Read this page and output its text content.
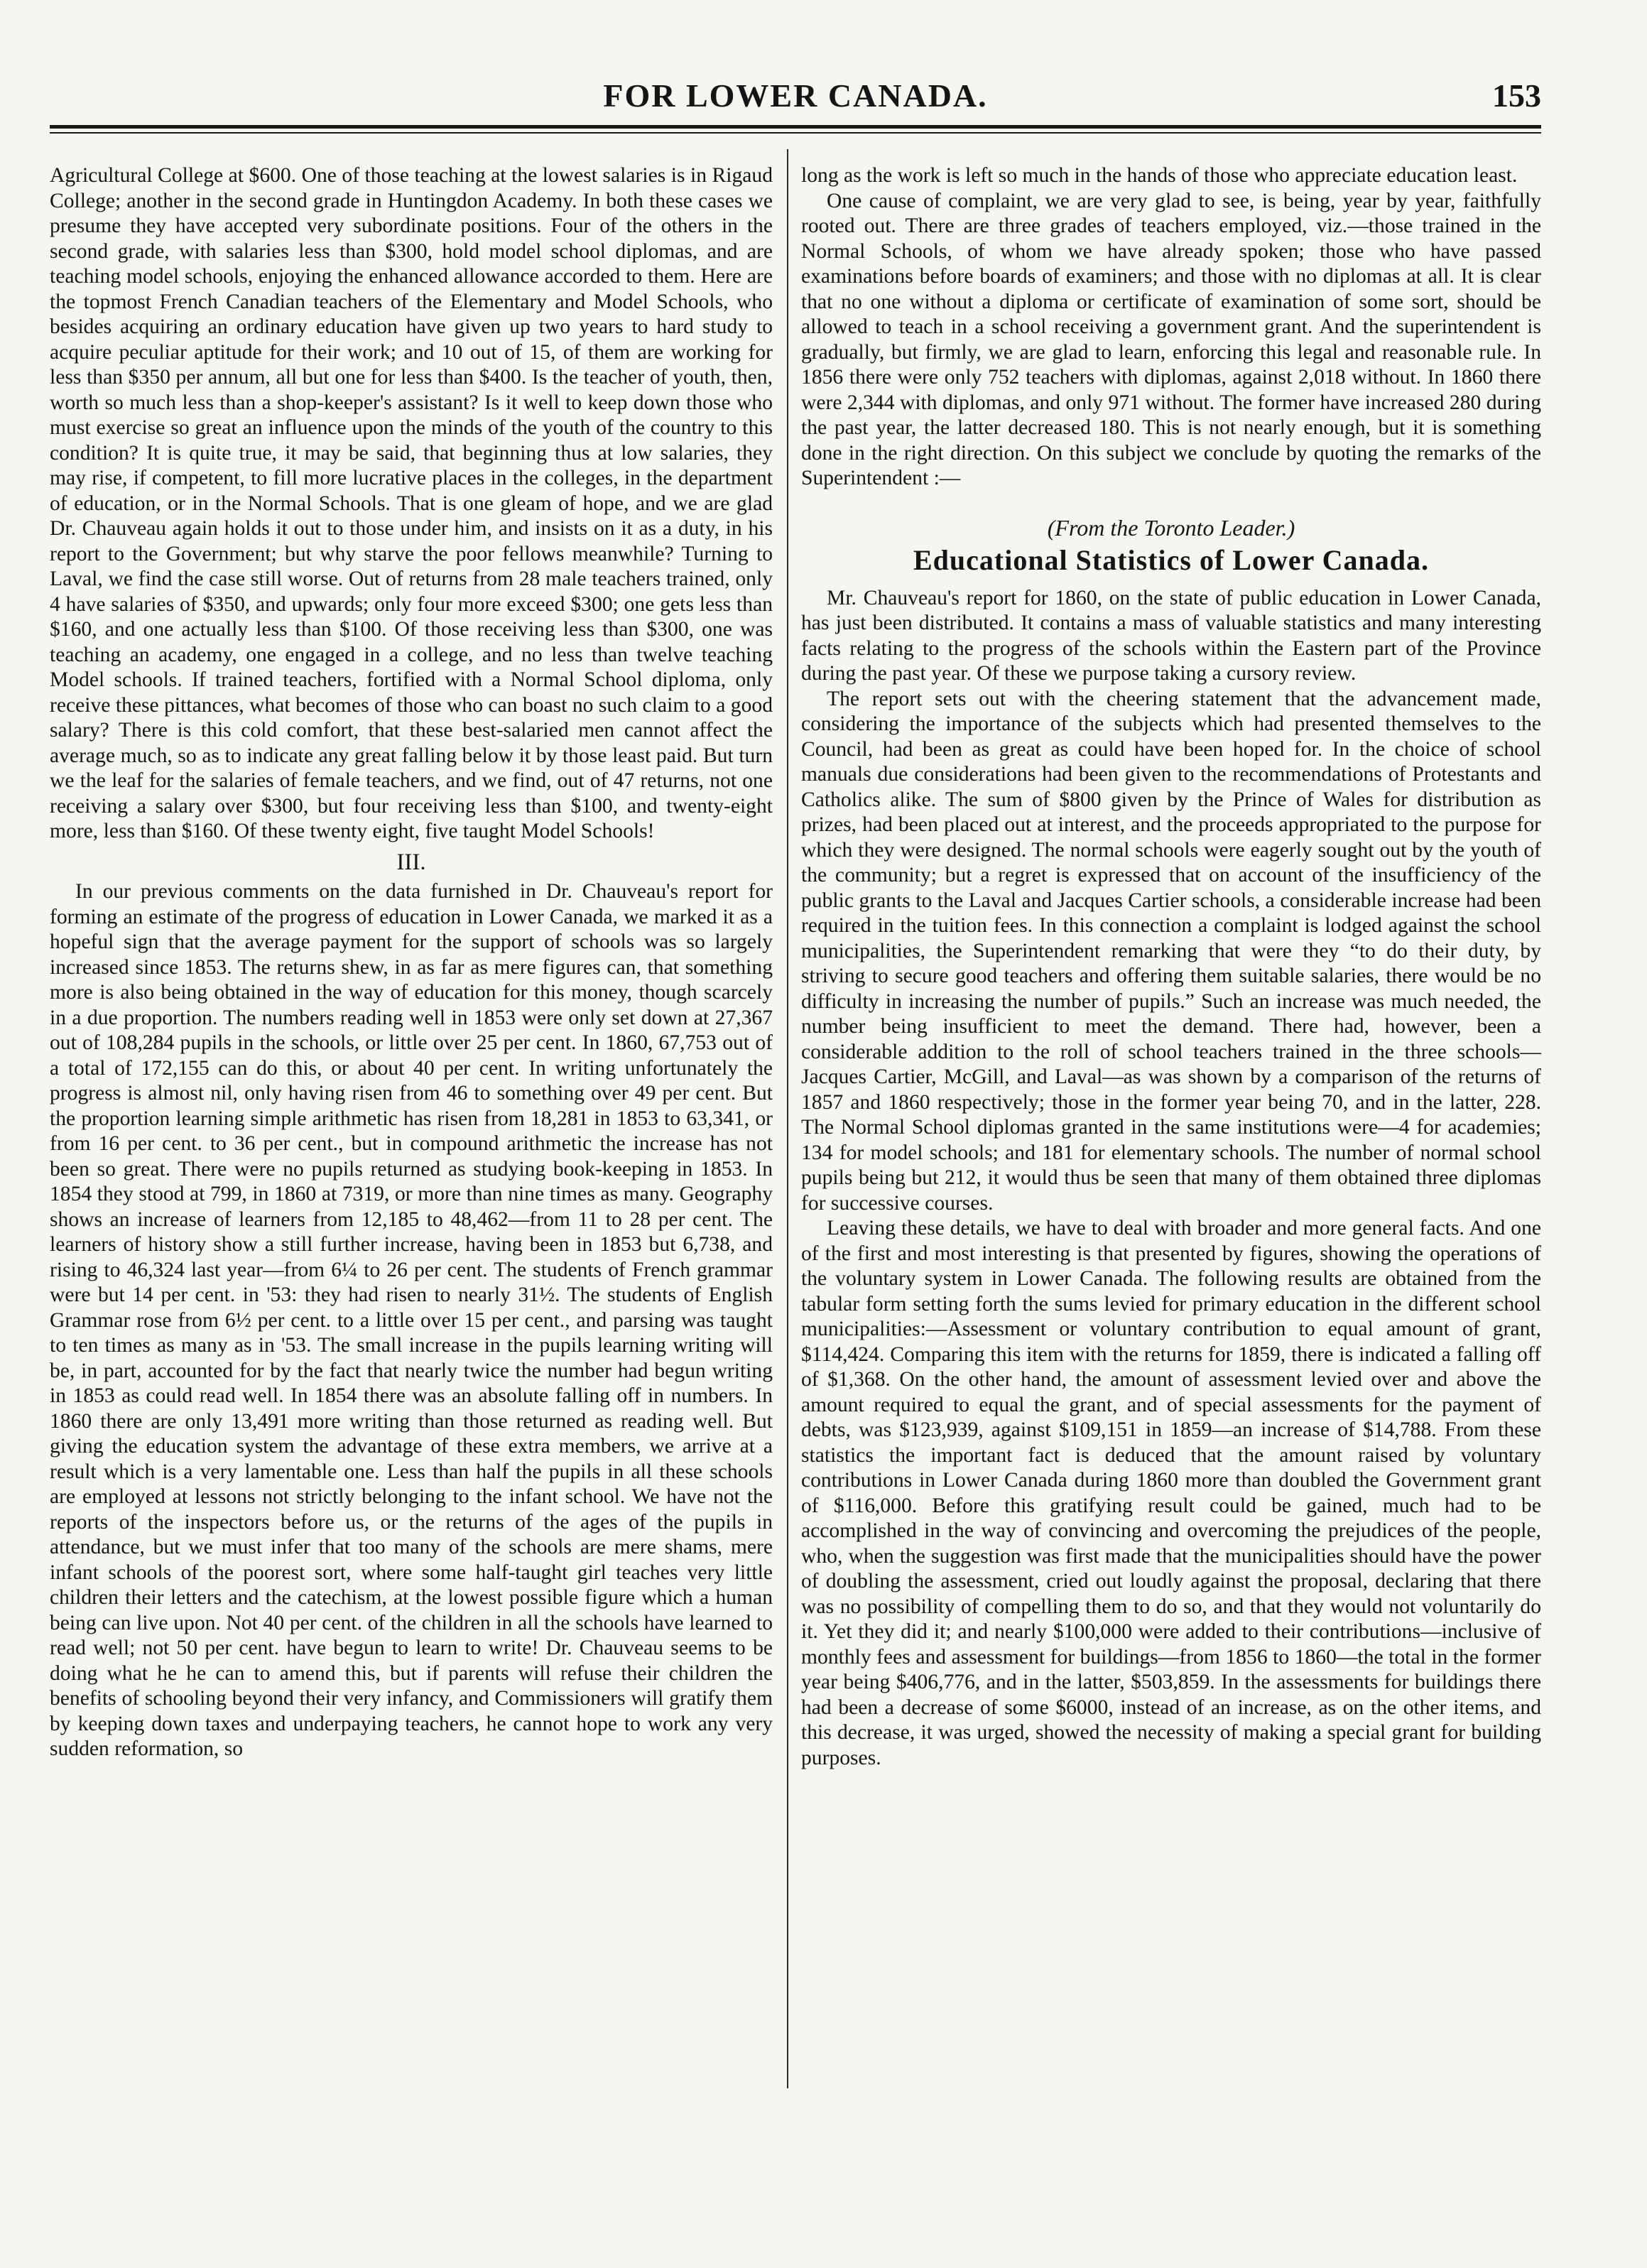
FOR LOWER CANADA.	153

Agricultural College at $600. One of those teaching at the lowest salaries is in Rigaud College; another in the second grade in Huntingdon Academy. In both these cases we presume they have accepted very subordinate positions. Four of the others in the second grade, with salaries less than $300, hold model school diplomas, and are teaching model schools, enjoying the enhanced allowance accorded to them. Here are the topmost French Canadian teachers of the Elementary and Model Schools, who besides acquiring an ordinary education have given up two years to hard study to acquire peculiar aptitude for their work; and 10 out of 15, of them are working for less than $350 per annum, all but one for less than $400. Is the teacher of youth, then, worth so much less than a shop-keeper's assistant? Is it well to keep down those who must exercise so great an influence upon the minds of the youth of the country to this condition? It is quite true, it may be said, that beginning thus at low salaries, they may rise, if competent, to fill more lucrative places in the colleges, in the department of education, or in the Normal Schools. That is one gleam of hope, and we are glad Dr. Chauveau again holds it out to those under him, and insists on it as a duty, in his report to the Government; but why starve the poor fellows meanwhile? Turning to Laval, we find the case still worse. Out of returns from 28 male teachers trained, only 4 have salaries of $350, and upwards; only four more exceed $300; one gets less than $160, and one actually less than $100. Of those receiving less than $300, one was teaching an academy, one engaged in a college, and no less than twelve teaching Model schools. If trained teachers, fortified with a Normal School diploma, only receive these pittances, what becomes of those who can boast no such claim to a good salary? There is this cold comfort, that these best-salaried men cannot affect the average much, so as to indicate any great falling below it by those least paid. But turn we the leaf for the salaries of female teachers, and we find, out of 47 returns, not one receiving a salary over $300, but four receiving less than $100, and twenty-eight more, less than $160. Of these twenty eight, five taught Model Schools!

III.

In our previous comments on the data furnished in Dr. Chauveau's report for forming an estimate of the progress of education in Lower Canada, we marked it as a hopeful sign that the average payment for the support of schools was so largely increased since 1853. The returns shew, in as far as mere figures can, that something more is also being obtained in the way of education for this money, though scarcely in a due proportion. The numbers reading well in 1853 were only set down at 27,367 out of 108,284 pupils in the schools, or little over 25 per cent. In 1860, 67,753 out of a total of 172,155 can do this, or about 40 per cent. In writing unfortunately the progress is almost nil, only having risen from 46 to something over 49 per cent. But the proportion learning simple arithmetic has risen from 18,281 in 1853 to 63,341, or from 16 per cent. to 36 per cent., but in compound arithmetic the increase has not been so great. There were no pupils returned as studying book-keeping in 1853. In 1854 they stood at 799, in 1860 at 7319, or more than nine times as many. Geography shows an increase of learners from 12,185 to 48,462—from 11 to 28 per cent. The learners of history show a still further increase, having been in 1853 but 6,738, and rising to 46,324 last year—from 6¼ to 26 per cent. The students of French grammar were but 14 per cent. in '53: they had risen to nearly 31½. The students of English Grammar rose from 6½ per cent. to a little over 15 per cent., and parsing was taught to ten times as many as in '53. The small increase in the pupils learning writing will be, in part, accounted for by the fact that nearly twice the number had begun writing in 1853 as could read well. In 1854 there was an absolute falling off in numbers. In 1860 there are only 13,491 more writing than those returned as reading well. But giving the education system the advantage of these extra members, we arrive at a result which is a very lamentable one. Less than half the pupils in all these schools are employed at lessons not strictly belonging to the infant school. We have not the reports of the inspectors before us, or the returns of the ages of the pupils in attendance, but we must infer that too many of the schools are mere shams, mere infant schools of the poorest sort, where some half-taught girl teaches very little children their letters and the catechism, at the lowest possible figure which a human being can live upon. Not 40 per cent. of the children in all the schools have learned to read well; not 50 per cent. have begun to learn to write! Dr. Chauveau seems to be doing what he he can to amend this, but if parents will refuse their children the benefits of schooling beyond their very infancy, and Commissioners will gratify them by keeping down taxes and underpaying teachers, he cannot hope to work any very sudden reformation, so

long as the work is left so much in the hands of those who appreciate education least.

One cause of complaint, we are very glad to see, is being, year by year, faithfully rooted out. There are three grades of teachers employed, viz.—those trained in the Normal Schools, of whom we have already spoken; those who have passed examinations before boards of examiners; and those with no diplomas at all. It is clear that no one without a diploma or certificate of examination of some sort, should be allowed to teach in a school receiving a government grant. And the superintendent is gradually, but firmly, we are glad to learn, enforcing this legal and reasonable rule. In 1856 there were only 752 teachers with diplomas, against 2,018 without. In 1860 there were 2,344 with diplomas, and only 971 without. The former have increased 280 during the past year, the latter decreased 180. This is not nearly enough, but it is something done in the right direction. On this subject we conclude by quoting the remarks of the Superintendent :—

(From the Toronto Leader.)
Educational Statistics of Lower Canada.

Mr. Chauveau's report for 1860, on the state of public education in Lower Canada, has just been distributed. It contains a mass of valuable statistics and many interesting facts relating to the progress of the schools within the Eastern part of the Province during the past year. Of these we purpose taking a cursory review.

The report sets out with the cheering statement that the advancement made, considering the importance of the subjects which had presented themselves to the Council, had been as great as could have been hoped for. In the choice of school manuals due considerations had been given to the recommendations of Protestants and Catholics alike. The sum of $800 given by the Prince of Wales for distribution as prizes, had been placed out at interest, and the proceeds appropriated to the purpose for which they were designed. The normal schools were eagerly sought out by the youth of the community; but a regret is expressed that on account of the insufficiency of the public grants to the Laval and Jacques Cartier schools, a considerable increase had been required in the tuition fees. In this connection a complaint is lodged against the school municipalities, the Superintendent remarking that were they “to do their duty, by striving to secure good teachers and offering them suitable salaries, there would be no difficulty in increasing the number of pupils.” Such an increase was much needed, the number being insufficient to meet the demand. There had, however, been a considerable addition to the roll of school teachers trained in the three schools—Jacques Cartier, McGill, and Laval—as was shown by a comparison of the returns of 1857 and 1860 respectively; those in the former year being 70, and in the latter, 228. The Normal School diplomas granted in the same institutions were—4 for academies; 134 for model schools; and 181 for elementary schools. The number of normal school pupils being but 212, it would thus be seen that many of them obtained three diplomas for successive courses.

Leaving these details, we have to deal with broader and more general facts. And one of the first and most interesting is that presented by figures, showing the operations of the voluntary system in Lower Canada. The following results are obtained from the tabular form setting forth the sums levied for primary education in the different school municipalities:—Assessment or voluntary contribution to equal amount of grant, $114,424. Comparing this item with the returns for 1859, there is indicated a falling off of $1,368. On the other hand, the amount of assessment levied over and above the amount required to equal the grant, and of special assessments for the payment of debts, was $123,939, against $109,151 in 1859—an increase of $14,788. From these statistics the important fact is deduced that the amount raised by voluntary contributions in Lower Canada during 1860 more than doubled the Government grant of $116,000. Before this gratifying result could be gained, much had to be accomplished in the way of convincing and overcoming the prejudices of the people, who, when the suggestion was first made that the municipalities should have the power of doubling the assessment, cried out loudly against the proposal, declaring that there was no possibility of compelling them to do so, and that they would not voluntarily do it. Yet they did it; and nearly $100,000 were added to their contributions—inclusive of monthly fees and assessment for buildings—from 1856 to 1860—the total in the former year being $406,776, and in the latter, $503,859. In the assessments for buildings there had been a decrease of some $6000, instead of an increase, as on the other items, and this decrease, it was urged, showed the necessity of making a special grant for building purposes.
